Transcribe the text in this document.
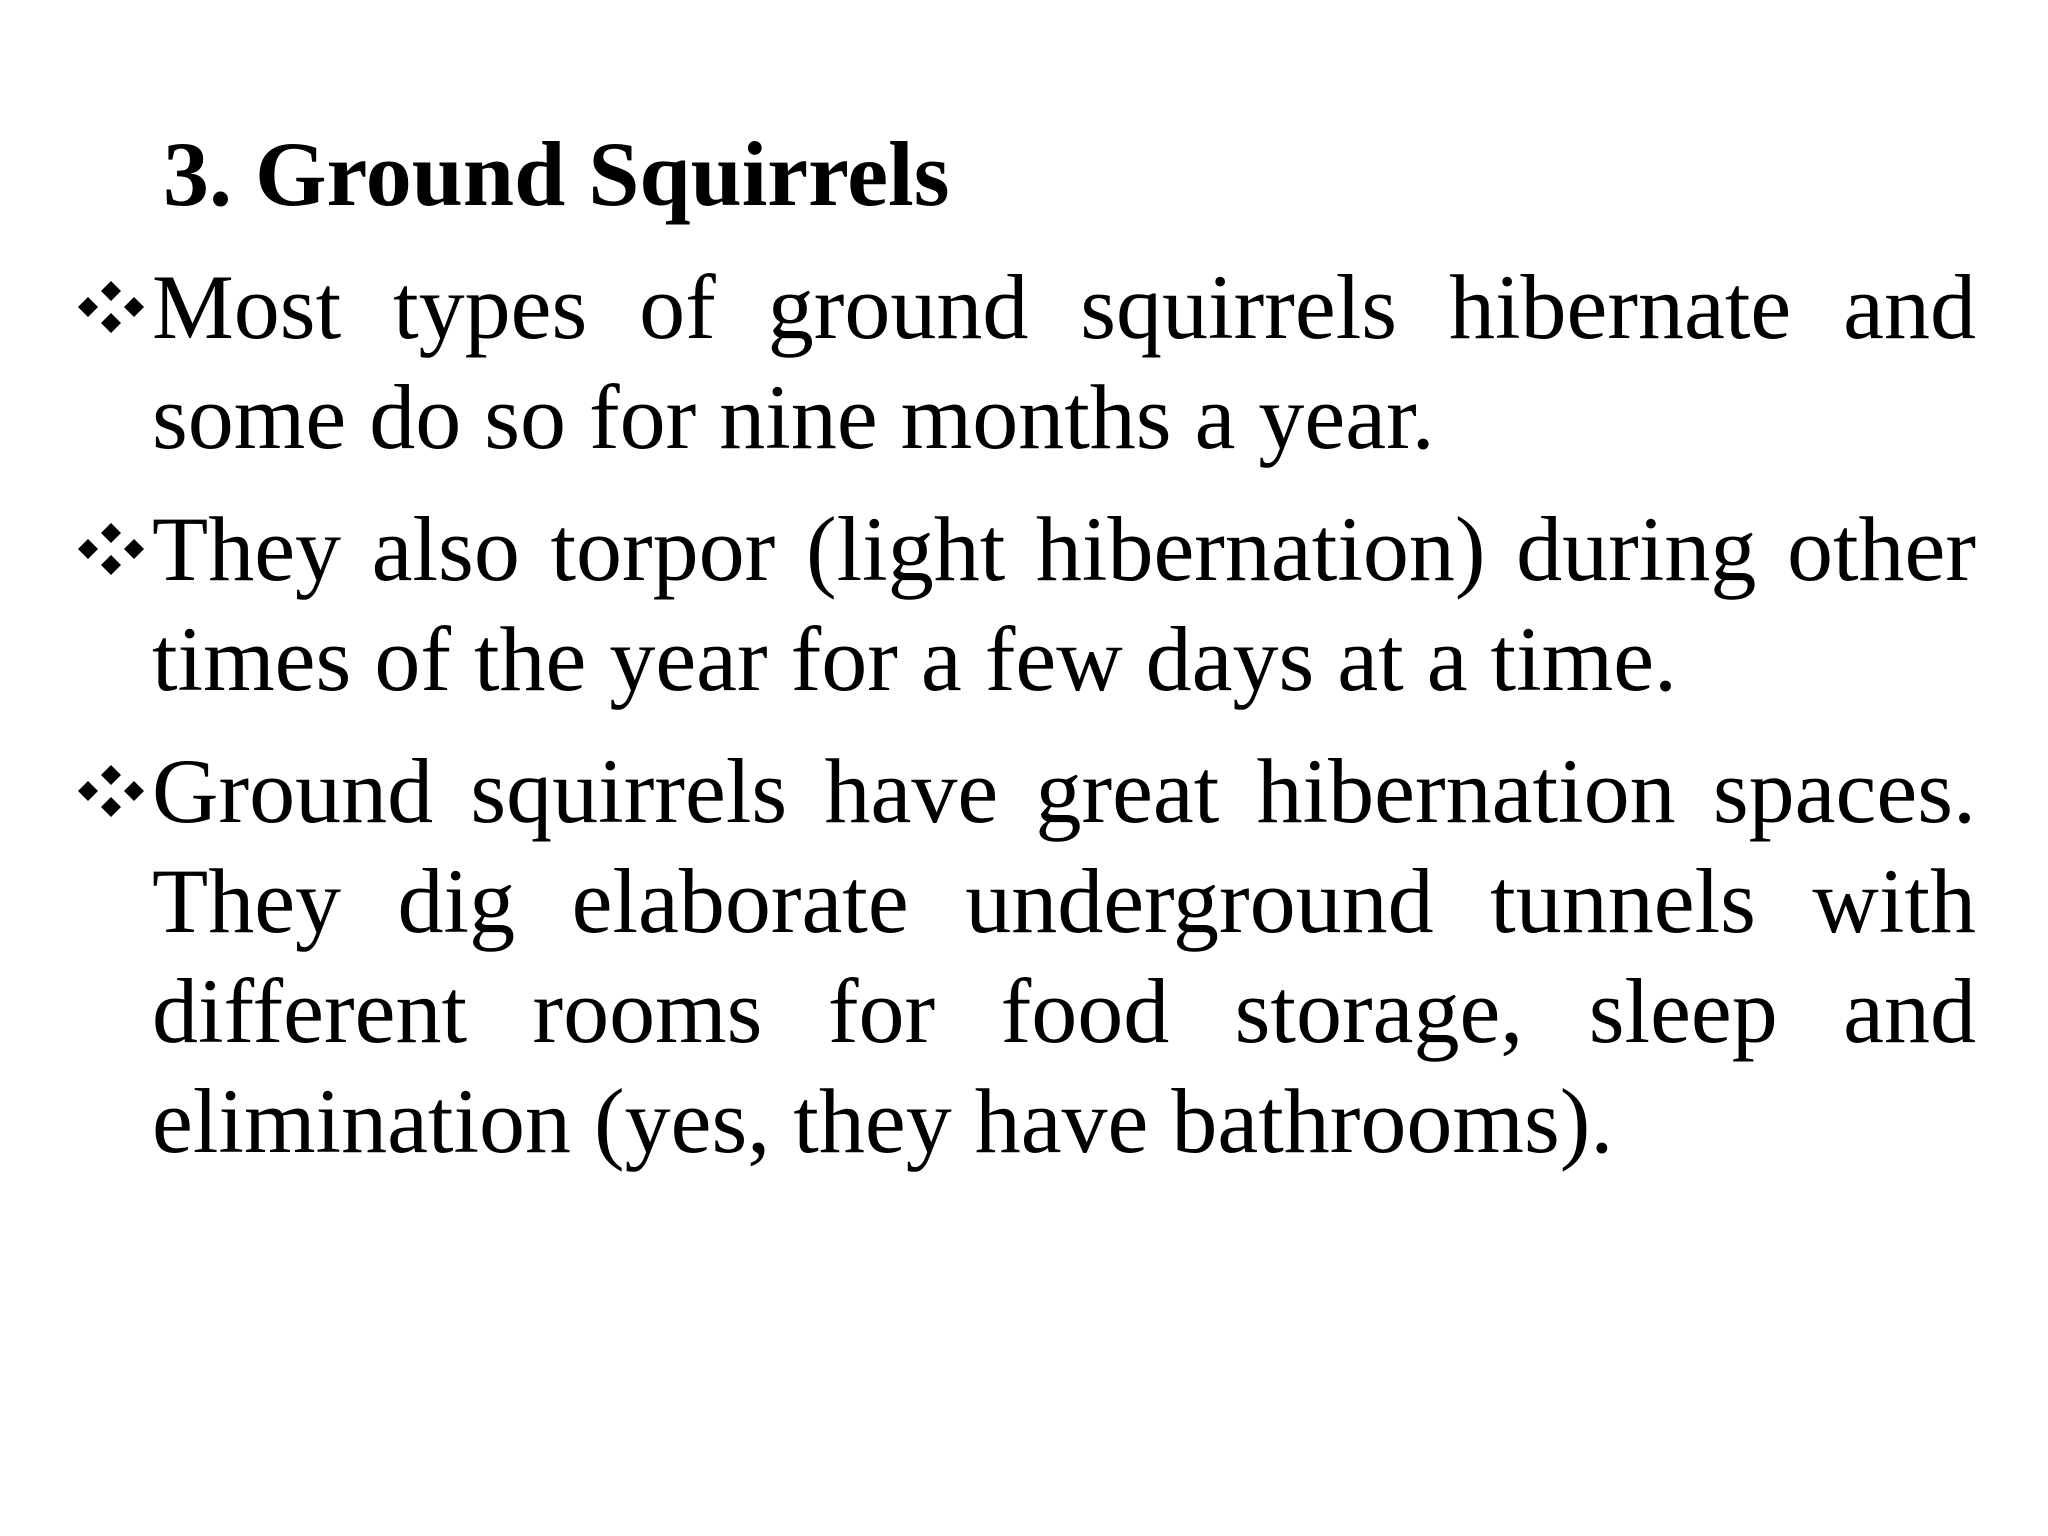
3. Ground Squirrels
Most types of ground squirrels hibernate and some do so for nine months a year.
They also torpor (light hibernation) during other times of the year for a few days at a time.
Ground squirrels have great hibernation spaces. They dig elaborate underground tunnels with different rooms for food storage, sleep and elimination (yes, they have bathrooms).
